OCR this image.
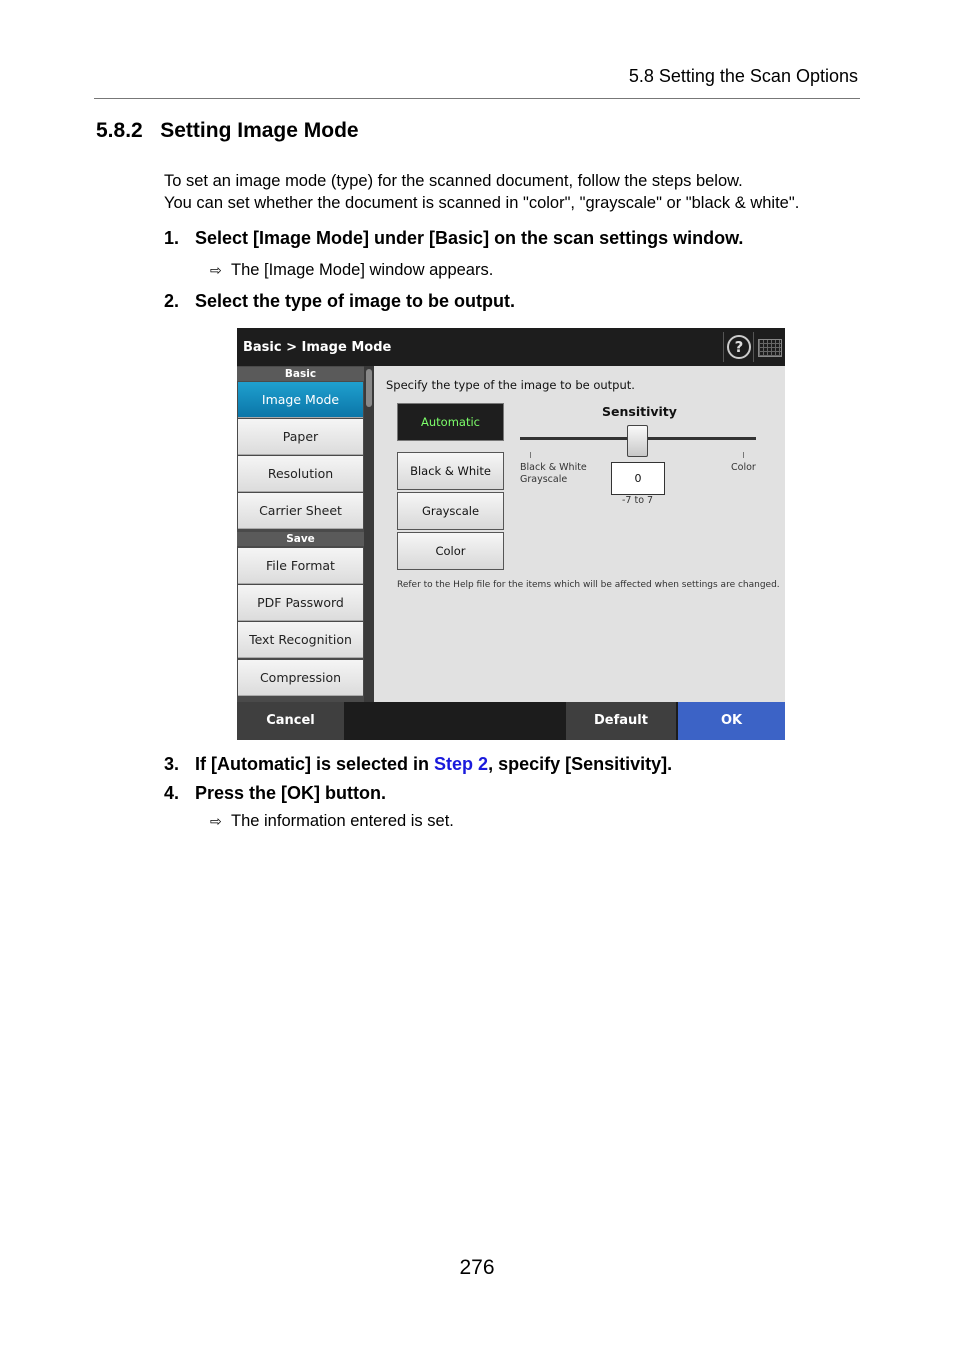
5.8 Setting the Scan Options
5.8.2 Setting Image Mode
To set an image mode (type) for the scanned document, follow the steps below.
You can set whether the document is scanned in "color", "grayscale" or "black & white".
1. Select [Image Mode] under [Basic] on the scan settings window.
⇨ The [Image Mode] window appears.
2. Select the type of image to be output.
Basic > Image Mode	?
Basic
Image Mode
Paper
Resolution
Carrier Sheet
Save
File Format
PDF Password
Text Recognition
Compression
Specify the type of the image to be output.
Automatic
Black & White
Grayscale
Color
Sensitivity
Black & White
Grayscale
Color
0
-7 to 7
Refer to the Help file for the items which will be affected when settings are changed.
Cancel	Default	OK
3. If [Automatic] is selected in Step 2, specify [Sensitivity].
4. Press the [OK] button.
⇨ The information entered is set.
276
